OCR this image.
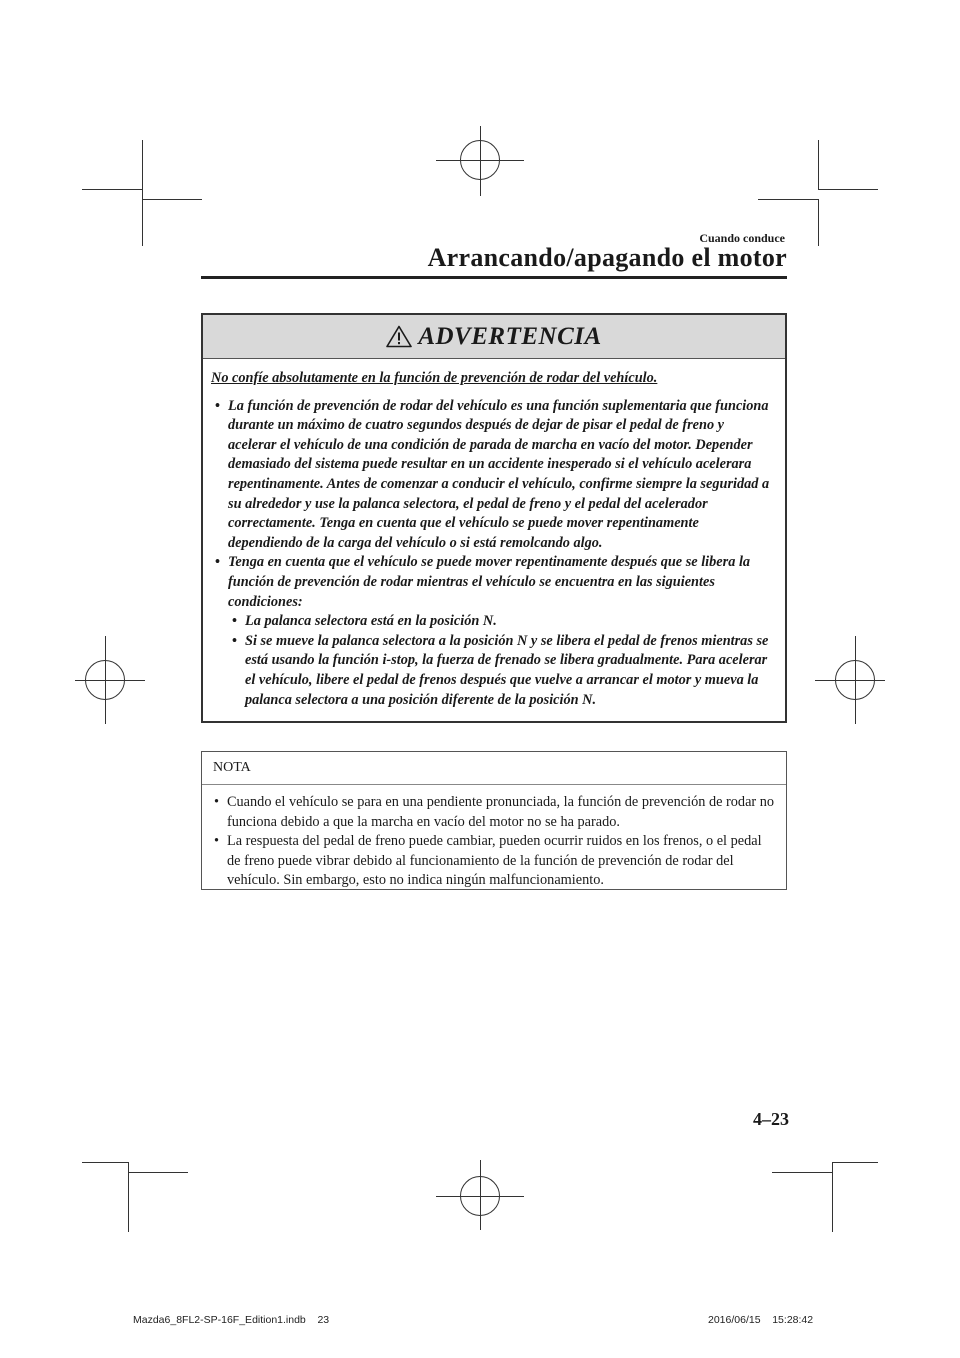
Cuando conduce
Arrancando/apagando el motor
ADVERTENCIA
No confíe absolutamente en la función de prevención de rodar del vehículo.
• La función de prevención de rodar del vehículo es una función suplementaria que funciona durante un máximo de cuatro segundos después de dejar de pisar el pedal de freno y acelerar el vehículo de una condición de parada de marcha en vacío del motor. Depender demasiado del sistema puede resultar en un accidente inesperado si el vehículo acelerara repentinamente. Antes de comenzar a conducir el vehículo, confirme siempre la seguridad a su alrededor y use la palanca selectora, el pedal de freno y el pedal del acelerador correctamente. Tenga en cuenta que el vehículo se puede mover repentinamente dependiendo de la carga del vehículo o si está remolcando algo.
• Tenga en cuenta que el vehículo se puede mover repentinamente después que se libera la función de prevención de rodar mientras el vehículo se encuentra en las siguientes condiciones:
• La palanca selectora está en la posición N.
• Si se mueve la palanca selectora a la posición N y se libera el pedal de frenos mientras se está usando la función i-stop, la fuerza de frenado se libera gradualmente. Para acelerar el vehículo, libere el pedal de frenos después que vuelve a arrancar el motor y mueva la palanca selectora a una posición diferente de la posición N.
NOTA
• Cuando el vehículo se para en una pendiente pronunciada, la función de prevención de rodar no funciona debido a que la marcha en vacío del motor no se ha parado.
• La respuesta del pedal de freno puede cambiar, pueden ocurrir ruidos en los frenos, o el pedal de freno puede vibrar debido al funcionamiento de la función de prevención de rodar del vehículo. Sin embargo, esto no indica ningún malfuncionamiento.
4–23
Mazda6_8FL2-SP-16F_Edition1.indb    23	2016/06/15    15:28:42
